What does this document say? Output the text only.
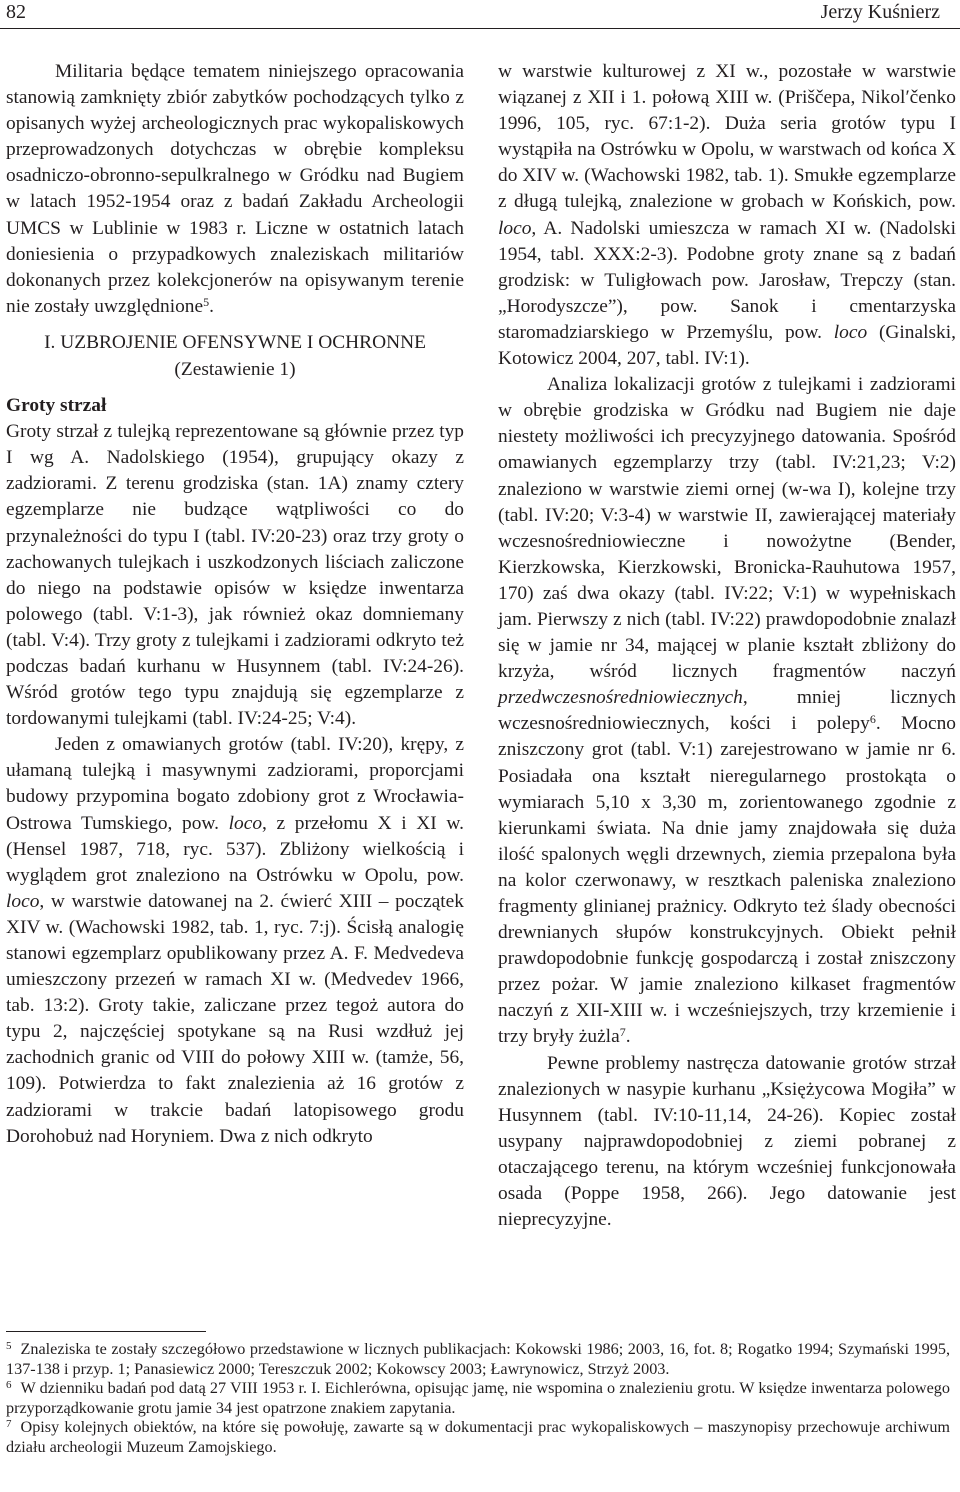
82	Jerzy Kuśnierz

Militaria będące tematem niniejszego opracowania stanowią zamknięty zbiór zabytków pochodzących tylko z opisanych wyżej archeologicznych prac wykopaliskowych przeprowadzonych dotychczas w obrębie kompleksu osadniczo-obronno-sepulkralnego w Gródku nad Bugiem w latach 1952-1954 oraz z badań Zakładu Archeologii UMCS w Lublinie w 1983 r. Liczne w ostatnich latach doniesienia o przypadkowych znaleziskach militariów dokonanych przez kolekcjonerów na opisywanym terenie nie zostały uwzględnione$^5$.

I. UZBROJENIE OFENSYWNE I OCHRONNE

(Zestawienie 1)

Groty strzał

Groty strzał z tulejką reprezentowane są głównie przez typ I wg A. Nadolskiego (1954), grupujący okazy z zadziorami. Z terenu grodziska (stan. 1A) znamy cztery egzemplarze nie budzące wątpliwości co do przynależności do typu I (tabl. IV:20-23) oraz trzy groty o zachowanych tulejkach i uszkodzonych liściach zaliczone do niego na podstawie opisów w księdze inwentarza polowego (tabl. V:1-3), jak również okaz domniemany (tabl. V:4). Trzy groty z tulejkami i zadziorami odkryto też podczas badań kurhanu w Husynnem (tabl. IV:24-26). Wśród grotów tego typu znajdują się egzemplarze z tordowanymi tulejkami (tabl. IV:24-25; V:4).

Jeden z omawianych grotów (tabl. IV:20), krępy, z ułamaną tulejką i masywnymi zadziorami, proporcjami budowy przypomina bogato zdobiony grot z Wrocławia-Ostrowa Tumskiego, pow. loco, z przełomu X i XI w. (Hensel 1987, 718, ryc. 537). Zbliżony wielkością i wyglądem grot znaleziono na Ostrówku w Opolu, pow. loco, w warstwie datowanej na 2. ćwierć XIII – początek XIV w. (Wachowski 1982, tab. 1, ryc. 7:j). Ścisłą analogię stanowi egzemplarz opublikowany przez A. F. Medvedeva umieszczony przezeń w ramach XI w. (Medvedev 1966, tab. 13:2). Groty takie, zaliczane przez tegoż autora do typu 2, najczęściej spotykane są na Rusi wzdłuż jej zachodnich granic od VIII do połowy XIII w. (tamże, 56, 109). Potwierdza to fakt znalezienia aż 16 grotów z zadziorami w trakcie badań latopisowego grodu Dorohobuż nad Horyniem. Dwa z nich odkryto

w warstwie kulturowej z XI w., pozostałe w warstwie wiązanej z XII i 1. połową XIII w. (Priščepa, Nikolʹčenko 1996, 105, ryc. 67:1-2). Duża seria grotów typu I wystąpiła na Ostrówku w Opolu, w warstwach od końca X do XIV w. (Wachowski 1982, tab. 1). Smukłe egzemplarze z długą tulejką, znalezione w grobach w Końskich, pow. loco, A. Nadolski umieszcza w ramach XI w. (Nadolski 1954, tabl. XXX:2-3). Podobne groty znane są z badań grodzisk: w Tuligłowach pow. Jarosław, Trepczy (stan. „Horodyszcze”), pow. Sanok i cmentarzyska staromadziarskiego w Przemyślu, pow. loco (Ginalski, Kotowicz 2004, 207, tabl. IV:1).

Analiza lokalizacji grotów z tulejkami i zadziorami w obrębie grodziska w Gródku nad Bugiem nie daje niestety możliwości ich precyzyjnego datowania. Spośród omawianych egzemplarzy trzy (tabl. IV:21,23; V:2) znaleziono w warstwie ziemi ornej (w-wa I), kolejne trzy (tabl. IV:20; V:3-4) w warstwie II, zawierającej materiały wczesnośredniowieczne i nowożytne (Bender, Kierzkowska, Kierzkowski, Bronicka-Rauhutowa 1957, 170) zaś dwa okazy (tabl. IV:22; V:1) w wypełniskach jam. Pierwszy z nich (tabl. IV:22) prawdopodobnie znalazł się w jamie nr 34, mającej w planie kształt zbliżony do krzyża, wśród licznych fragmentów naczyń przedwczesnośredniowiecznych, mniej licznych wczesnośredniowiecznych, kości i polepy$^6$. Mocno zniszczony grot (tabl. V:1) zarejestrowano w jamie nr 6. Posiadała ona kształt nieregularnego prostokąta o wymiarach 5,10 x 3,30 m, zorientowanego zgodnie z kierunkami świata. Na dnie jamy znajdowała się duża ilość spalonych węgli drzewnych, ziemia przepalona była na kolor czerwonawy, w resztkach paleniska znaleziono fragmenty glinianej prażnicy. Odkryto też ślady obecności drewnianych słupów konstrukcyjnych. Obiekt pełnił prawdopodobnie funkcję gospodarczą i został zniszczony przez pożar. W jamie znaleziono kilkaset fragmentów naczyń z XII-XIII w. i wcześniejszych, trzy krzemienie i trzy bryły żużla$^7$.

Pewne problemy nastręcza datowanie grotów strzał znalezionych w nasypie kurhanu „Księżycowa Mogiła” w Husynnem (tabl. IV:10-11,14, 24-26). Kopiec został usypany najprawdopodobniej z ziemi pobranej z otaczającego terenu, na którym wcześniej funkcjonowała osada (Poppe 1958, 266). Jego datowanie jest nieprecyzyjne.

$^5$ Znaleziska te zostały szczegółowo przedstawione w licznych publikacjach: Kokowski 1986; 2003, 16, fot. 8; Rogatko 1994; Szymański 1995, 137-138 i przyp. 1; Panasiewicz 2000; Tereszczuk 2002; Kokowscy 2003; Ławrynowicz, Strzyż 2003.

$^6$ W dzienniku badań pod datą 27 VIII 1953 r. I. Eichlerówna, opisując jamę, nie wspomina o znalezieniu grotu. W księdze inwentarza polowego przyporządkowanie grotu jamie 34 jest opatrzone znakiem zapytania.

$^7$ Opisy kolejnych obiektów, na które się powołuję, zawarte są w dokumentacji prac wykopaliskowych – maszynopisy przechowuje archiwum działu archeologii Muzeum Zamojskiego.
